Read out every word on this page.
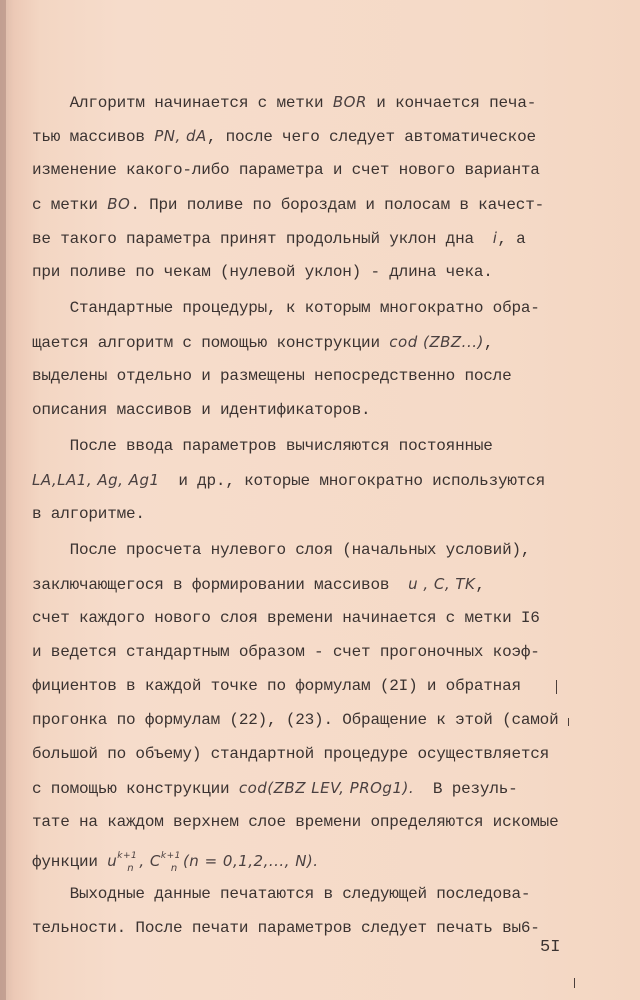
Алгоритм начинается с метки BOR и кончается печа-
тью массивов PN, dA, после чего следует автоматическое
изменение какого-либо параметра и счет нового варианта
с метки BO. При поливе по бороздам и полосам в качест-
ве такого параметра принят продольный уклон дна  i, а
при поливе по чекам (нулевой уклон) - длина чека.
Стандартные процедуры, к которым многократно обра-
щается алгоритм с помощью конструкции cod (ZBZ...),
выделены отдельно и размещены непосредственно после
описания массивов и идентификаторов.
После ввода параметров вычисляются постоянные
LA,LA1, Ag, Ag1  и др., которые многократно используются
в алгоритме.
После просчета нулевого слоя (начальных условий),
заключающегося в формировании массивов  u , C, TK,
счет каждого нового слоя времени начинается с метки I6
и ведется стандартным образом - счет прогоночных коэф-
фициентов в каждой точке по формулам (2I) и обратная
прогонка по формулам (22), (23). Обращение к этой (самой
большой по объему) стандартной процедуре осуществляется
с помощью конструкции cod(ZBZ LEV, PROg1).  В резуль-
тате на каждом верхнем слое времени определяются искомые
функции $u^{k+1}_n$ , $C^{k+1}_n$ (n = 0,1,2,..., N).
Выходные данные печатаются в следующей последова-
тельности. После печати параметров следует печать вы6-
5I
